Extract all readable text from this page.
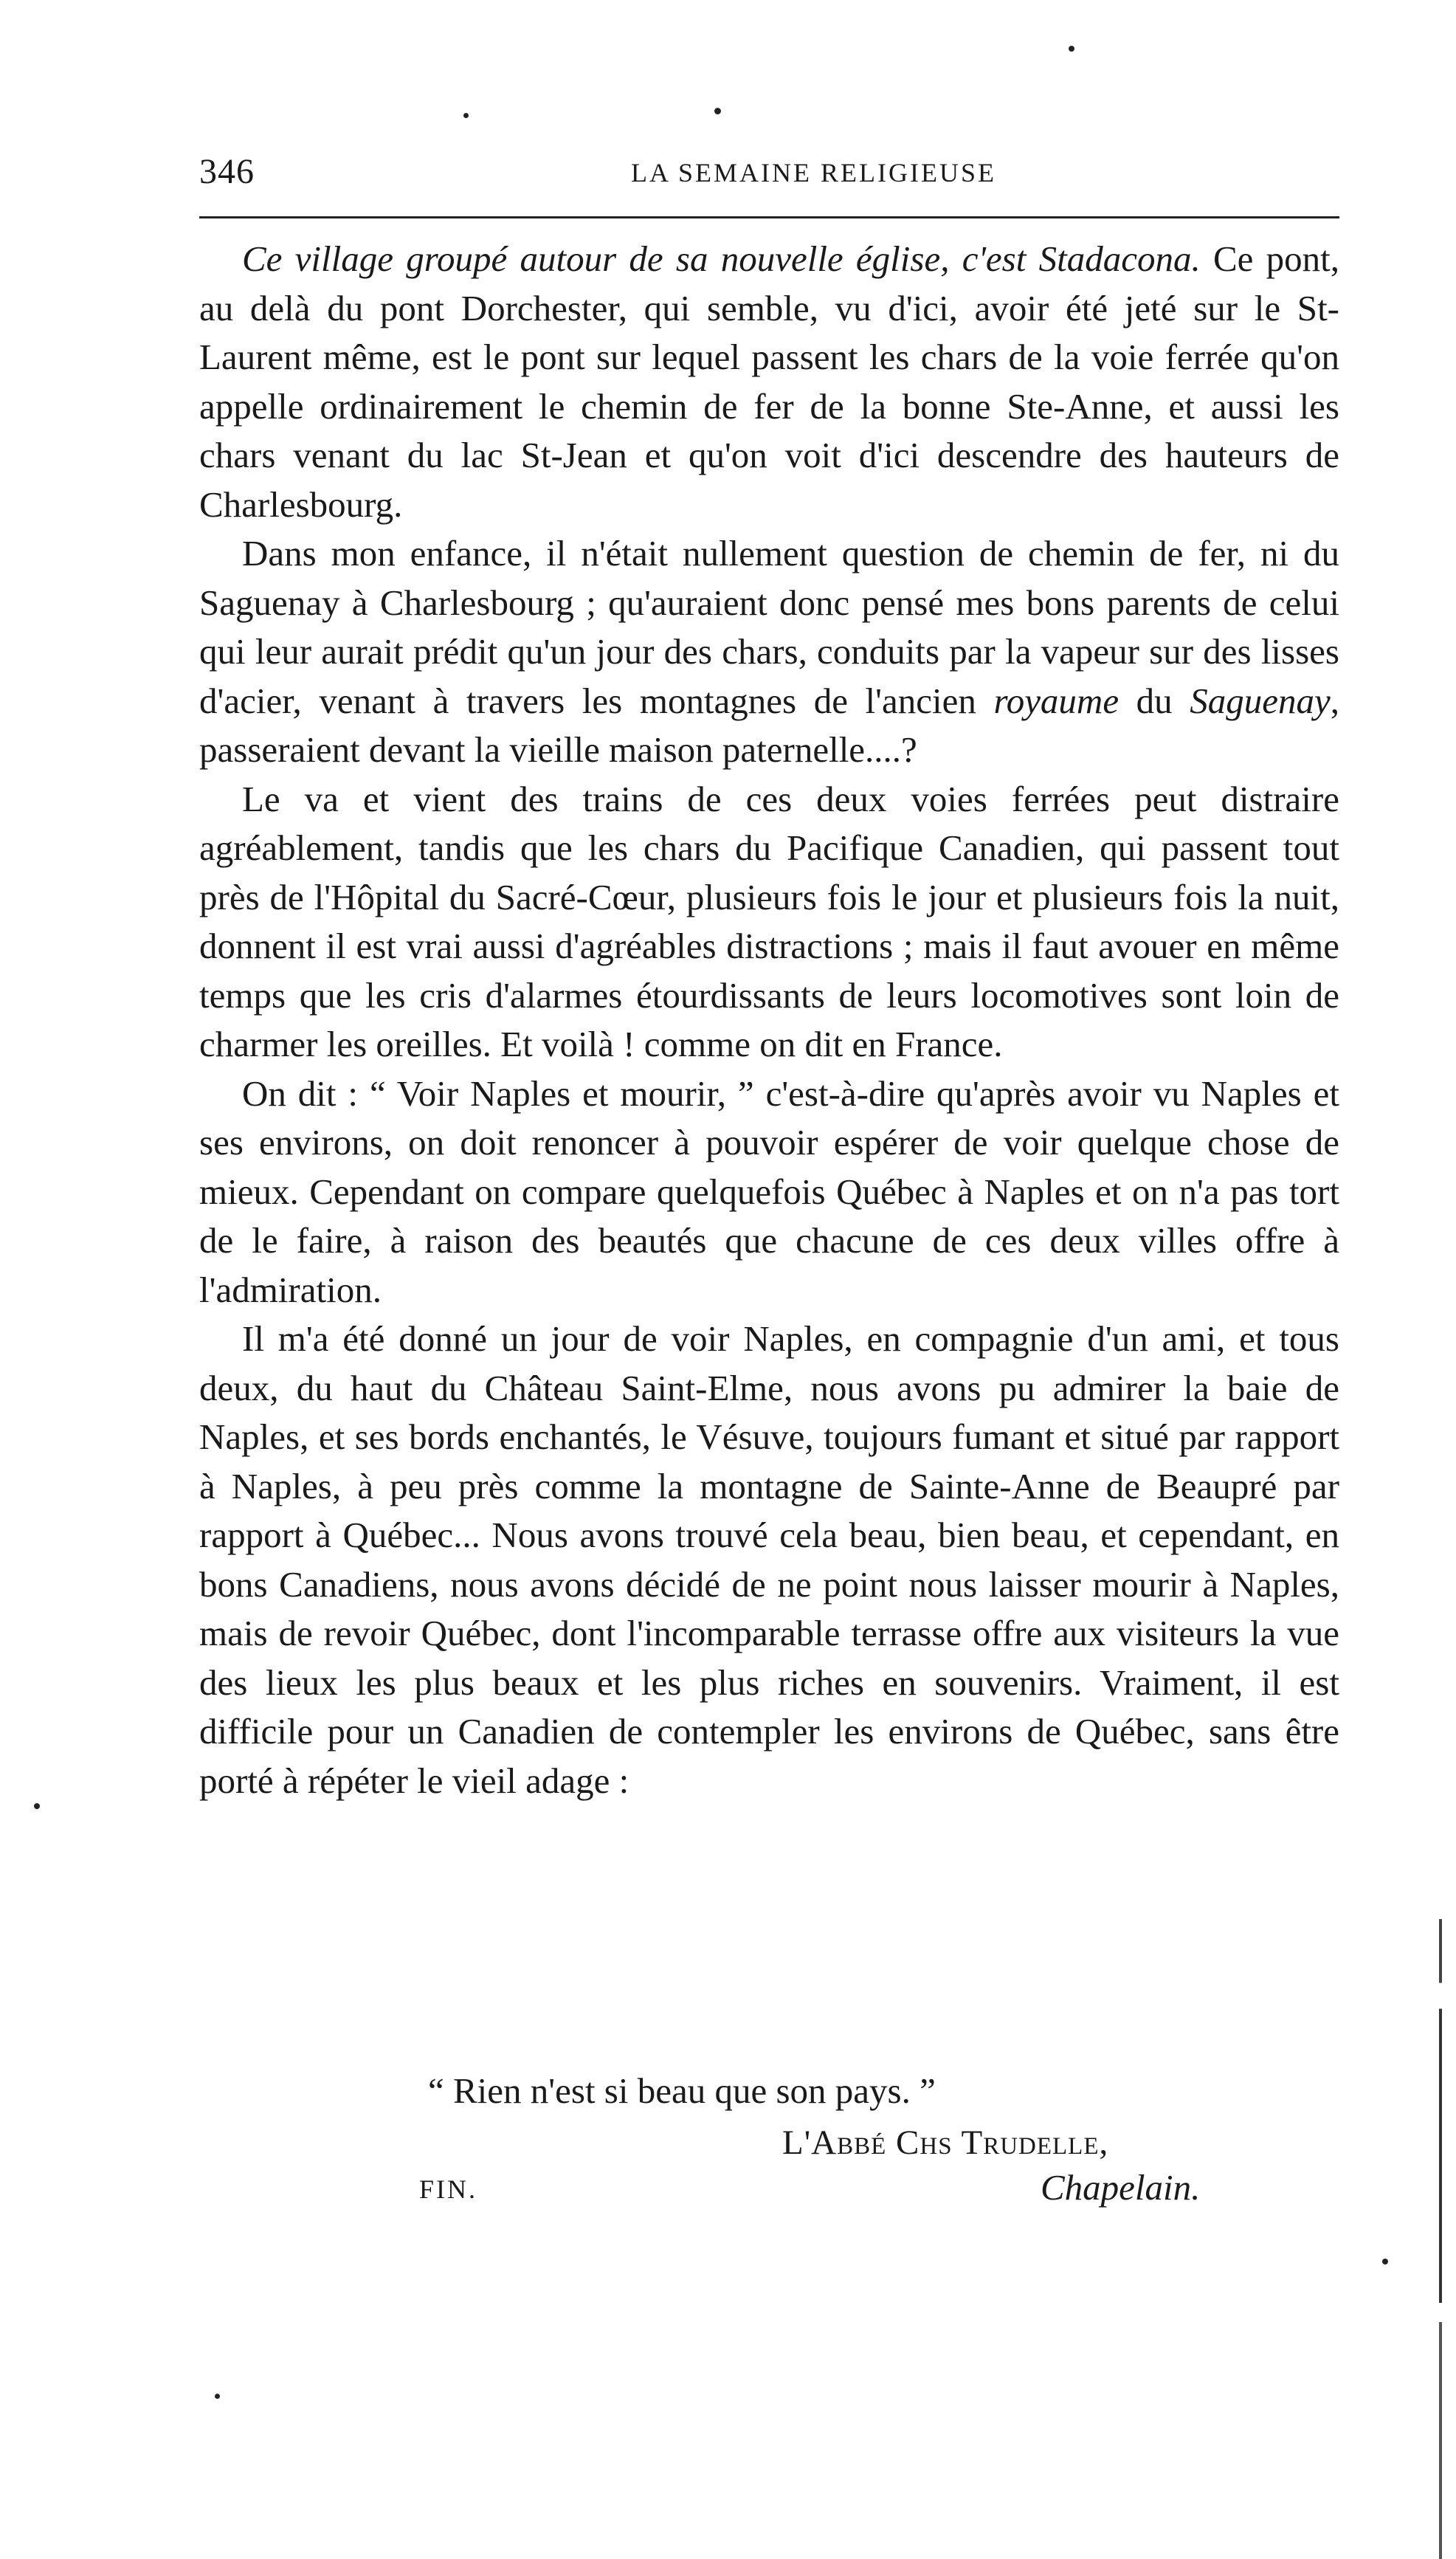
346	LA SEMAINE RELIGIEUSE

Ce village groupé autour de sa nouvelle église, c'est Stadacona. Ce pont, au delà du pont Dorchester, qui semble, vu d'ici, avoir été jeté sur le St-Laurent même, est le pont sur lequel passent les chars de la voie ferrée qu'on appelle ordinairement le chemin de fer de la bonne Ste-Anne, et aussi les chars venant du lac St-Jean et qu'on voit d'ici descendre des hauteurs de Charlesbourg.

Dans mon enfance, il n'était nullement question de chemin de fer, ni du Saguenay à Charlesbourg ; qu'auraient donc pensé mes bons parents de celui qui leur aurait prédit qu'un jour des chars, conduits par la vapeur sur des lisses d'acier, venant à travers les montagnes de l'ancien royaume du Saguenay, passeraient devant la vieille maison paternelle....?

Le va et vient des trains de ces deux voies ferrées peut distraire agréablement, tandis que les chars du Pacifique Canadien, qui passent tout près de l'Hôpital du Sacré-Cœur, plusieurs fois le jour et plusieurs fois la nuit, donnent il est vrai aussi d'agréables distractions ; mais il faut avouer en même temps que les cris d'alarmes étourdissants de leurs locomotives sont loin de charmer les oreilles. Et voilà ! comme on dit en France.

On dit : “ Voir Naples et mourir, ” c'est-à-dire qu'après avoir vu Naples et ses environs, on doit renoncer à pouvoir espérer de voir quelque chose de mieux. Cependant on compare quelquefois Québec à Naples et on n'a pas tort de le faire, à raison des beautés que chacune de ces deux villes offre à l'admiration.

Il m'a été donné un jour de voir Naples, en compagnie d'un ami, et tous deux, du haut du Château Saint-Elme, nous avons pu admirer la baie de Naples, et ses bords enchantés, le Vésuve, toujours fumant et situé par rapport à Naples, à peu près comme la montagne de Sainte-Anne de Beaupré par rapport à Québec... Nous avons trouvé cela beau, bien beau, et cependant, en bons Canadiens, nous avons décidé de ne point nous laisser mourir à Naples, mais de revoir Québec, dont l'incomparable terrasse offre aux visiteurs la vue des lieux les plus beaux et les plus riches en souvenirs. Vraiment, il est difficile pour un Canadien de contempler les environs de Québec, sans être porté à répéter le vieil adage :

“ Rien n'est si beau que son pays. ”
L'Abbé Chs Trudelle,
FIN.	Chapelain.
